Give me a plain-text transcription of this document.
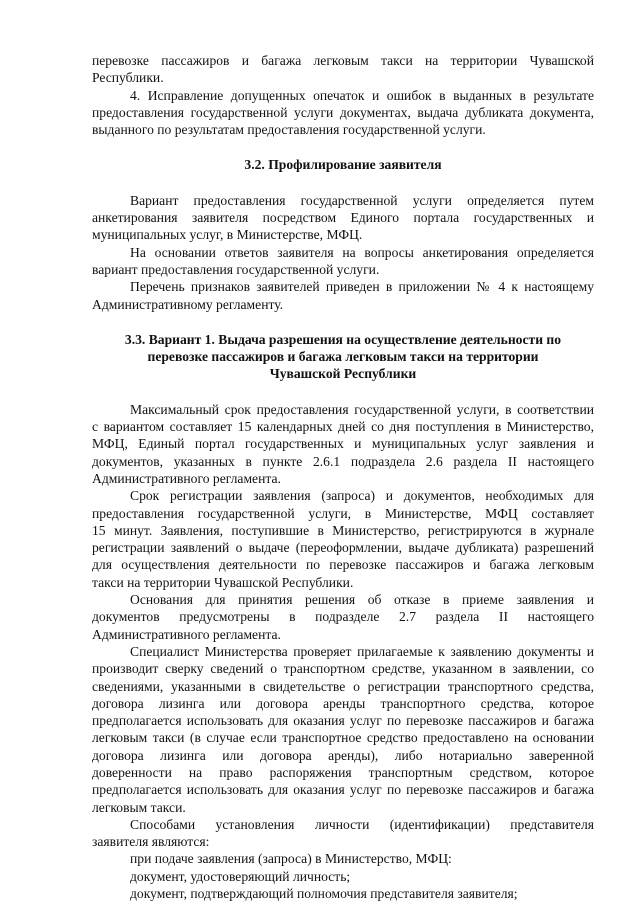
перевозке пассажиров и багажа легковым такси на территории Чувашской
Республики.
4. Исправление допущенных опечаток и ошибок в выданных в результате
предоставления государственной услуги документах, выдача дубликата документа,
выданного по результатам предоставления государственной услуги.
3.2. Профилирование заявителя
Вариант предоставления государственной услуги определяется путем
анкетирования заявителя посредством Единого портала государственных и
муниципальных услуг, в Министерстве, МФЦ.
На основании ответов заявителя на вопросы анкетирования определяется
вариант предоставления государственной услуги.
Перечень признаков заявителей приведен в приложении № 4 к настоящему
Административному регламенту.
3.3. Вариант 1. Выдача разрешения на осуществление деятельности по
перевозке пассажиров и багажа легковым такси на территории
Чувашской Республики
Максимальный срок предоставления государственной услуги, в соответствии
с вариантом составляет 15 календарных дней со дня поступления в Министерство,
МФЦ, Единый портал государственных и муниципальных услуг заявления и
документов, указанных в пункте 2.6.1 подраздела 2.6 раздела II настоящего
Административного регламента.
Срок регистрации заявления (запроса) и документов, необходимых для
предоставления государственной услуги, в Министерстве, МФЦ составляет
15 минут. Заявления, поступившие в Министерство, регистрируются в журнале
регистрации заявлений о выдаче (переоформлении, выдаче дубликата) разрешений
для осуществления деятельности по перевозке пассажиров и багажа легковым
такси на территории Чувашской Республики.
Основания для принятия решения об отказе в приеме заявления и
документов предусмотрены в подразделе 2.7 раздела II настоящего
Административного регламента.
Специалист Министерства проверяет прилагаемые к заявлению документы и
производит сверку сведений о транспортном средстве, указанном в заявлении, со
сведениями, указанными в свидетельстве о регистрации транспортного средства,
договора лизинга или договора аренды транспортного средства, которое
предполагается использовать для оказания услуг по перевозке пассажиров и багажа
легковым такси (в случае если транспортное средство предоставлено на основании
договора лизинга или договора аренды), либо нотариально заверенной
доверенности на право распоряжения транспортным средством, которое
предполагается использовать для оказания услуг по перевозке пассажиров и багажа
легковым такси.
Способами установления личности (идентификации) представителя
заявителя являются:
при подаче заявления (запроса) в Министерство, МФЦ:
документ, удостоверяющий личность;
документ, подтверждающий полномочия представителя заявителя;
